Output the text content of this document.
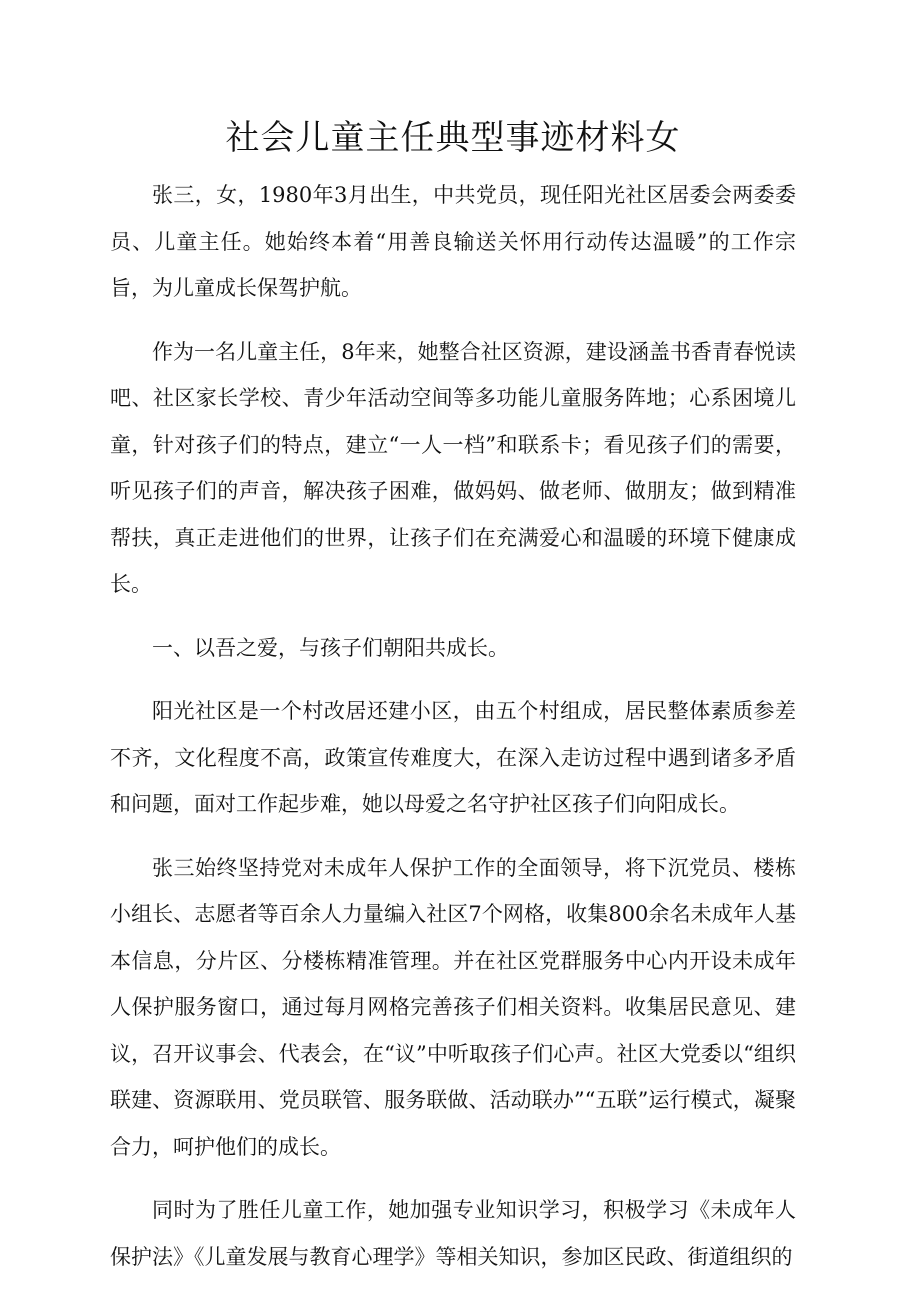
社会儿童主任典型事迹材料女

张三，女，1980年3月出生，中共党员，现任阳光社区居委会两委委员、儿童主任。她始终本着“用善良输送关怀用行动传达温暖”的工作宗旨，为儿童成长保驾护航。

作为一名儿童主任，8年来，她整合社区资源，建设涵盖书香青春悦读吧、社区家长学校、青少年活动空间等多功能儿童服务阵地；心系困境儿童，针对孩子们的特点，建立“一人一档”和联系卡；看见孩子们的需要，听见孩子们的声音，解决孩子困难，做妈妈、做老师、做朋友；做到精准帮扶，真正走进他们的世界，让孩子们在充满爱心和温暖的环境下健康成长。

一、以吾之爱，与孩子们朝阳共成长。

阳光社区是一个村改居还建小区，由五个村组成，居民整体素质参差不齐，文化程度不高，政策宣传难度大，在深入走访过程中遇到诸多矛盾和问题，面对工作起步难，她以母爱之名守护社区孩子们向阳成长。

张三始终坚持党对未成年人保护工作的全面领导，将下沉党员、楼栋小组长、志愿者等百余人力量编入社区7个网格，收集800余名未成年人基本信息，分片区、分楼栋精准管理。并在社区党群服务中心内开设未成年人保护服务窗口，通过每月网格完善孩子们相关资料。收集居民意见、建议，召开议事会、代表会，在“议”中听取孩子们心声。社区大党委以“组织联建、资源联用、党员联管、服务联做、活动联办”“五联”运行模式，凝聚合力，呵护他们的成长。

同时为了胜任儿童工作，她加强专业知识学习，积极学习《未成年人保护法》《儿童发展与教育心理学》等相关知识，参加区民政、街道组织的
